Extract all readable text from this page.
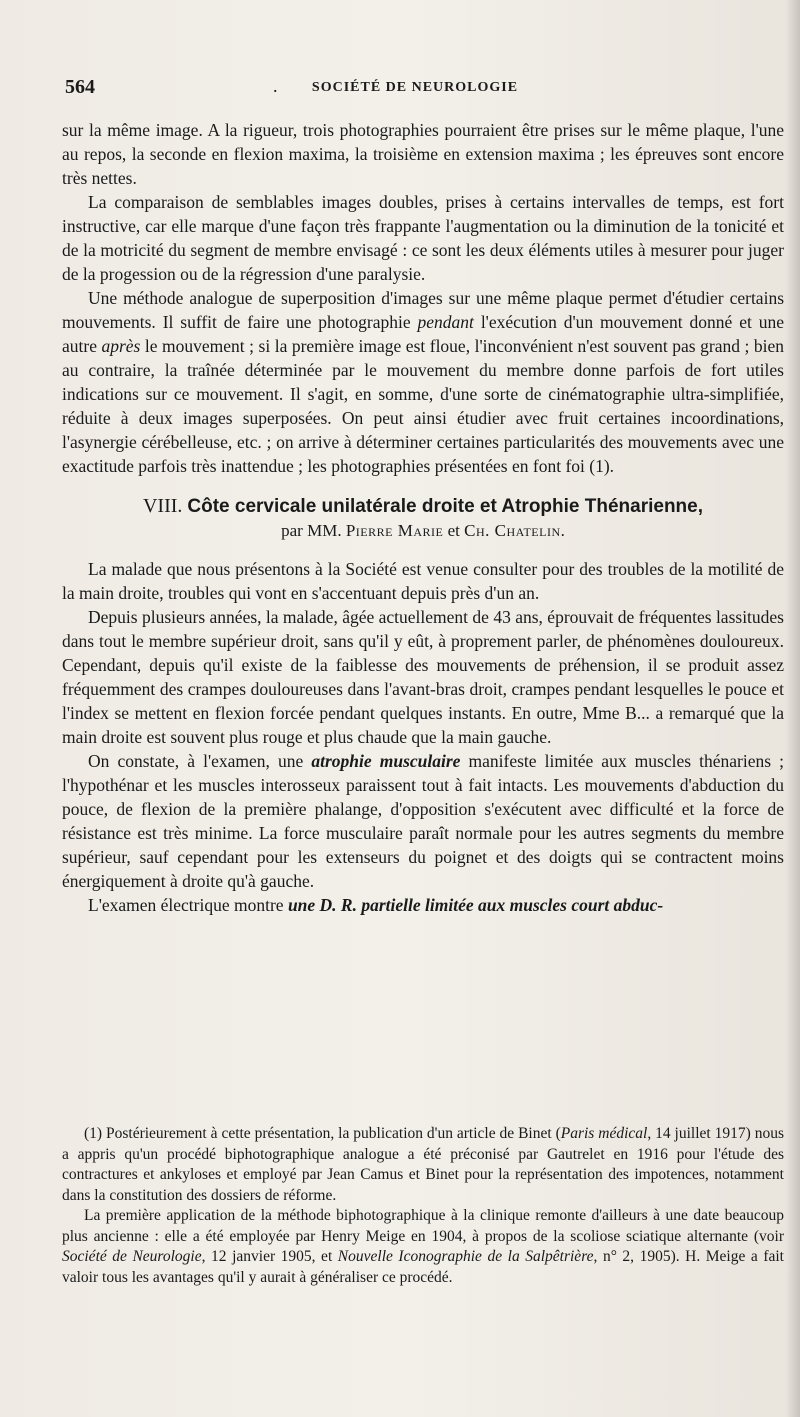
564	.	SOCIÉTÉ DE NEUROLOGIE

sur la même image. A la rigueur, trois photographies pourraient être prises sur le même plaque, l'une au repos, la seconde en flexion maxima, la troisième en extension maxima ; les épreuves sont encore très nettes.

La comparaison de semblables images doubles, prises à certains intervalles de temps, est fort instructive, car elle marque d'une façon très frappante l'augmentation ou la diminution de la tonicité et de la motricité du segment de membre envisagé : ce sont les deux éléments utiles à mesurer pour juger de la progession ou de la régression d'une paralysie.

Une méthode analogue de superposition d'images sur une même plaque permet d'étudier certains mouvements. Il suffit de faire une photographie pendant l'exécution d'un mouvement donné et une autre après le mouvement ; si la première image est floue, l'inconvénient n'est souvent pas grand ; bien au contraire, la traînée déterminée par le mouvement du membre donne parfois de fort utiles indications sur ce mouvement. Il s'agit, en somme, d'une sorte de cinématographie ultra-simplifiée, réduite à deux images superposées. On peut ainsi étudier avec fruit certaines incoordinations, l'asynergie cérébelleuse, etc. ; on arrive à déterminer certaines particularités des mouvements avec une exactitude parfois très inattendue ; les photographies présentées en font foi (1).

VIII. Côte cervicale unilatérale droite et Atrophie Thénarienne,
par MM. Pierre Marie et Ch. Chatelin.

La malade que nous présentons à la Société est venue consulter pour des troubles de la motilité de la main droite, troubles qui vont en s'accentuant depuis près d'un an.

Depuis plusieurs années, la malade, âgée actuellement de 43 ans, éprouvait de fréquentes lassitudes dans tout le membre supérieur droit, sans qu'il y eût, à proprement parler, de phénomènes douloureux. Cependant, depuis qu'il existe de la faiblesse des mouvements de préhension, il se produit assez fréquemment des crampes douloureuses dans l'avant-bras droit, crampes pendant lesquelles le pouce et l'index se mettent en flexion forcée pendant quelques instants. En outre, Mme B... a remarqué que la main droite est souvent plus rouge et plus chaude que la main gauche.

On constate, à l'examen, une atrophie musculaire manifeste limitée aux muscles thénariens ; l'hypothénar et les muscles interosseux paraissent tout à fait intacts. Les mouvements d'abduction du pouce, de flexion de la première phalange, d'opposition s'exécutent avec difficulté et la force de résistance est très minime. La force musculaire paraît normale pour les autres segments du membre supérieur, sauf cependant pour les extenseurs du poignet et des doigts qui se contractent moins énergiquement à droite qu'à gauche.

L'examen électrique montre une D. R. partielle limitée aux muscles court abduc-

(1) Postérieurement à cette présentation, la publication d'un article de Binet (Paris médical, 14 juillet 1917) nous a appris qu'un procédé biphotographique analogue a été préconisé par Gautrelet en 1916 pour l'étude des contractures et ankyloses et employé par Jean Camus et Binet pour la représentation des impotences, notamment dans la constitution des dossiers de réforme.

La première application de la méthode biphotographique à la clinique remonte d'ailleurs à une date beaucoup plus ancienne : elle a été employée par Henry Meige en 1904, à propos de la scoliose sciatique alternante (voir Société de Neurologie, 12 janvier 1905, et Nouvelle Iconographie de la Salpêtrière, n° 2, 1905). H. Meige a fait valoir tous les avantages qu'il y aurait à généraliser ce procédé.
